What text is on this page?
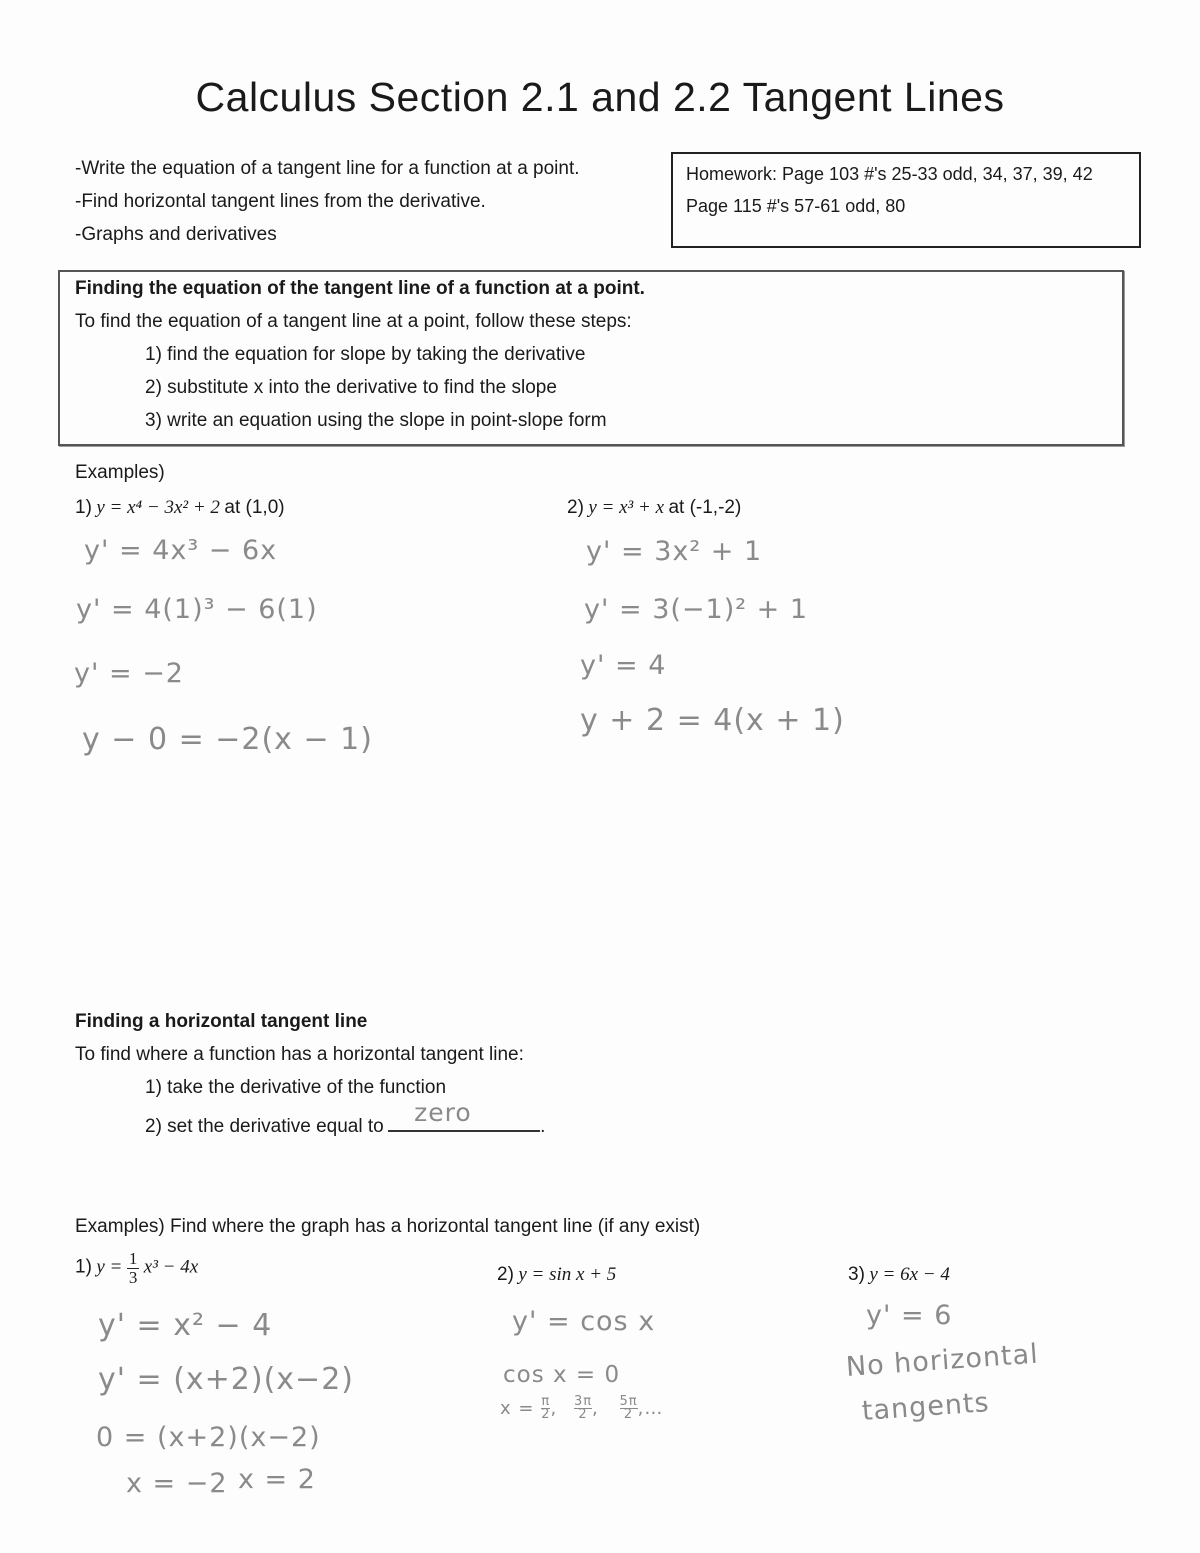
Calculus Section 2.1 and 2.2 Tangent Lines
-Write the equation of a tangent line for a function at a point.
-Find horizontal tangent lines from the derivative.
-Graphs and derivatives
Homework: Page 103 #'s 25-33 odd, 34, 37, 39, 42
Page 115 #'s 57-61 odd, 80
Finding the equation of the tangent line of a function at a point.
To find the equation of a tangent line at a point, follow these steps:
1) find the equation for slope by taking the derivative
2) substitute x into the derivative to find the slope
3) write an equation using the slope in point-slope form
Examples)
1) y = x⁴ − 3x² + 2 at (1,0)
y' = 4x³ − 6x
y' = 4(1)³ − 6(1)
y' = −2
y − 0 = −2(x − 1)
2) y = x³ + x at (-1,-2)
y' = 3x² + 1
y' = 3(−1)² + 1
y' = 4
y + 2 = 4(x + 1)
Finding a horizontal tangent line
To find where a function has a horizontal tangent line:
1) take the derivative of the function
2) set the derivative equal to zero	.
Examples) Find where the graph has a horizontal tangent line (if any exist)
1) $y = \frac{1}{3} x^3 - 4x$
y' = x² − 4
y' = (x+2)(x−2)
0 = (x+2)(x−2)
x = −2 x = 2
2) y = sin x + 5
y' = cos x
cos x = 0
$x = \frac{\pi}{2}$ , $\frac{3\pi}{2}$ , $\frac{5\pi}{2}$ ,…
3) y = 6x − 4
y' = 6
No horizontal
tangents
